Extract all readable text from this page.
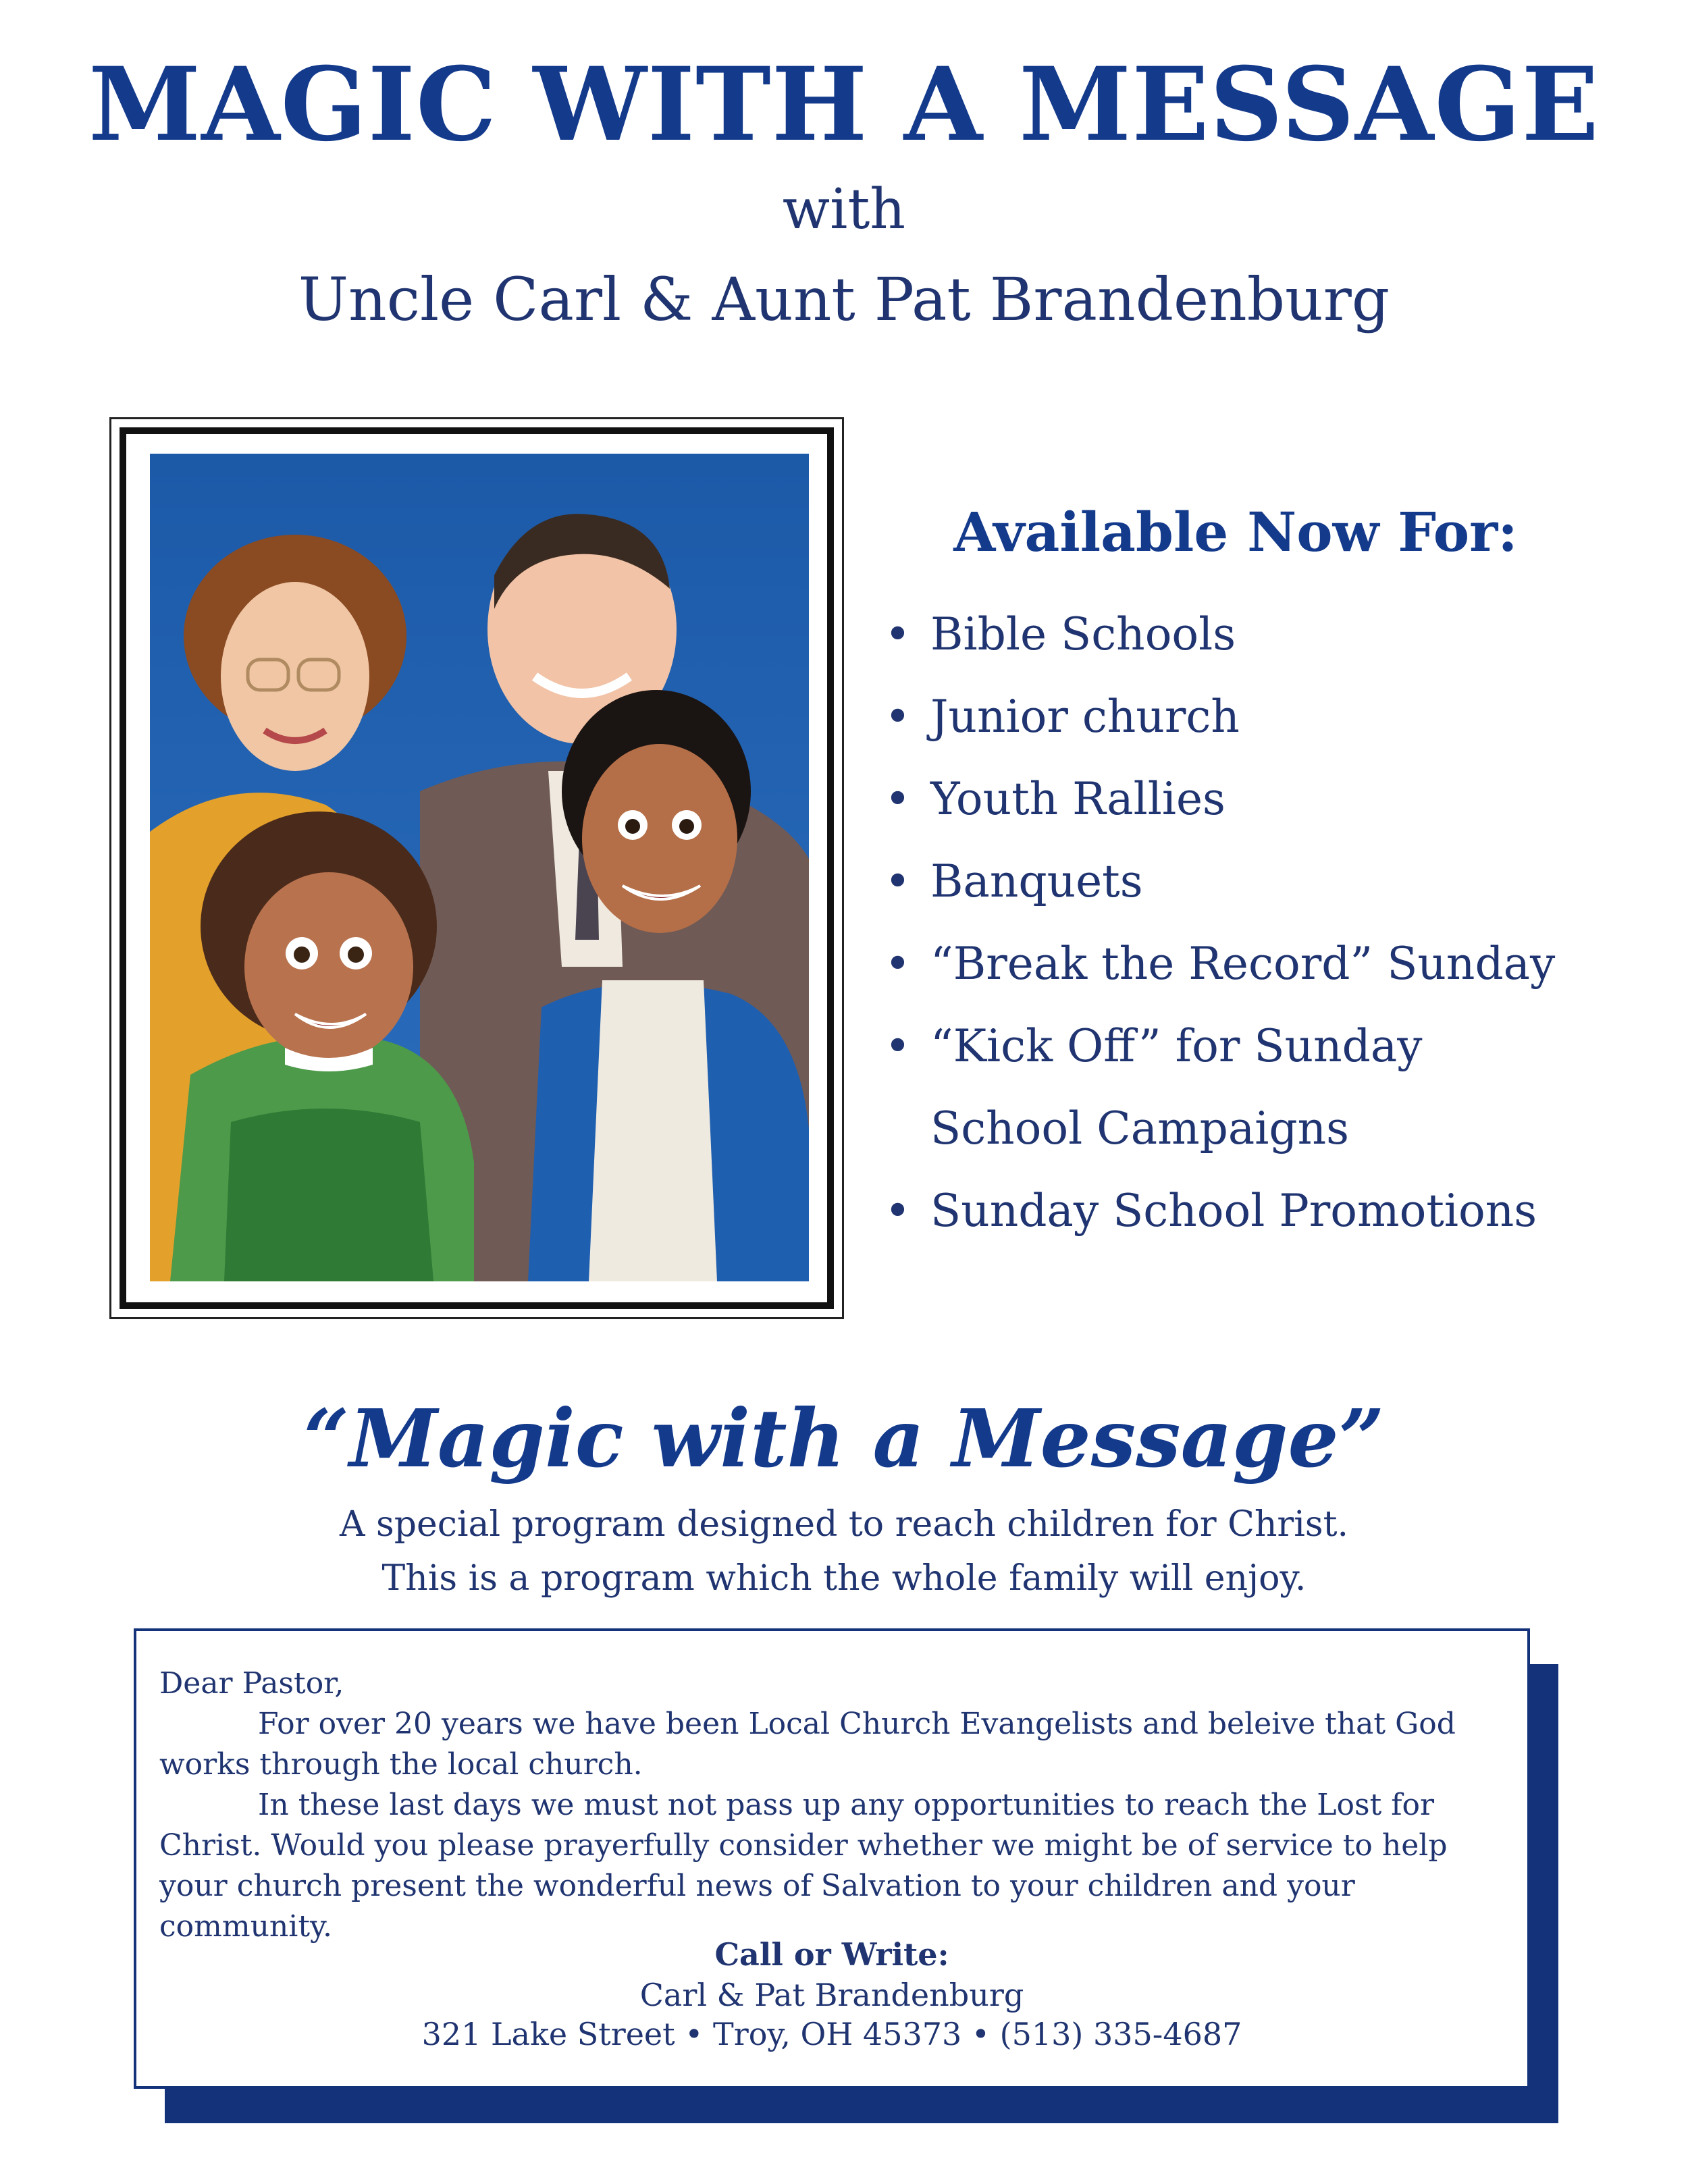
MAGIC WITH A MESSAGE
with
Uncle Carl & Aunt Pat Brandenburg
Available Now For:
• Bible Schools
• Junior church
• Youth Rallies
• Banquets
• “Break the Record” Sunday
• “Kick Off” for Sunday
School Campaigns
• Sunday School Promotions
“Magic with a Message”
A special program designed to reach children for Christ.
This is a program which the whole family will enjoy.

Dear Pastor,

For over 20 years we have been Local Church Evangelists and beleive that God works through the local church.

In these last days we must not pass up any opportunities to reach the Lost for Christ. Would you please prayerfully consider whether we might be of service to help your church present the wonderful news of Salvation to your children and your community.

Call or Write:
Carl & Pat Brandenburg
321 Lake Street • Troy, OH 45373 • (513) 335-4687
